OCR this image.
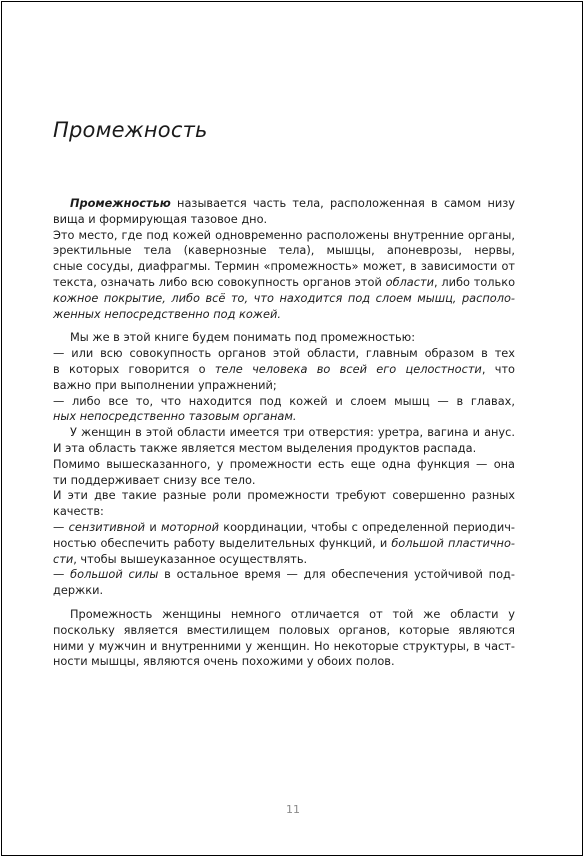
Промежность
Промежностью называется часть тела, расположенная в самом низу
вища и формирующая тазовое дно.
Это место, где под кожей одновременно расположены внутренние органы,
эректильные тела (кавернозные тела), мышцы, апоневрозы, нервы,
сные сосуды, диафрагмы. Термин «промежность» может, в зависимости от
текста, означать либо всю совокупность органов этой области, либо только
кожное покрытие, либо всё то, что находится под слоем мышц, располо-
женных непосредственно под кожей.
Мы же в этой книге будем понимать под промежностью:
— или всю совокупность органов этой области, главным образом в тех
в которых говорится о теле человека во всей его целостности, что
важно при выполнении упражнений;
— либо все то, что находится под кожей и слоем мышц — в главах,
ных непосредственно тазовым органам.
У женщин в этой области имеется три отверстия: уретра, вагина и анус.
И эта область также является местом выделения продуктов распада.
Помимо вышесказанного, у промежности есть еще одна функция — она
ти поддерживает снизу все тело.
И эти две такие разные роли промежности требуют совершенно разных
качеств:
— сензитивной и моторной координации, чтобы с определенной периодич-
ностью обеспечить работу выделительных функций, и большой пластично-
сти, чтобы вышеуказанное осуществлять.
— большой силы в остальное время — для обеспечения устойчивой под-
держки.
Промежность женщины немного отличается от той же области у
поскольку является вместилищем половых органов, которые являются
ними у мужчин и внутренними у женщин. Но некоторые структуры, в част-
ности мышцы, являются очень похожими у обоих полов.
11
